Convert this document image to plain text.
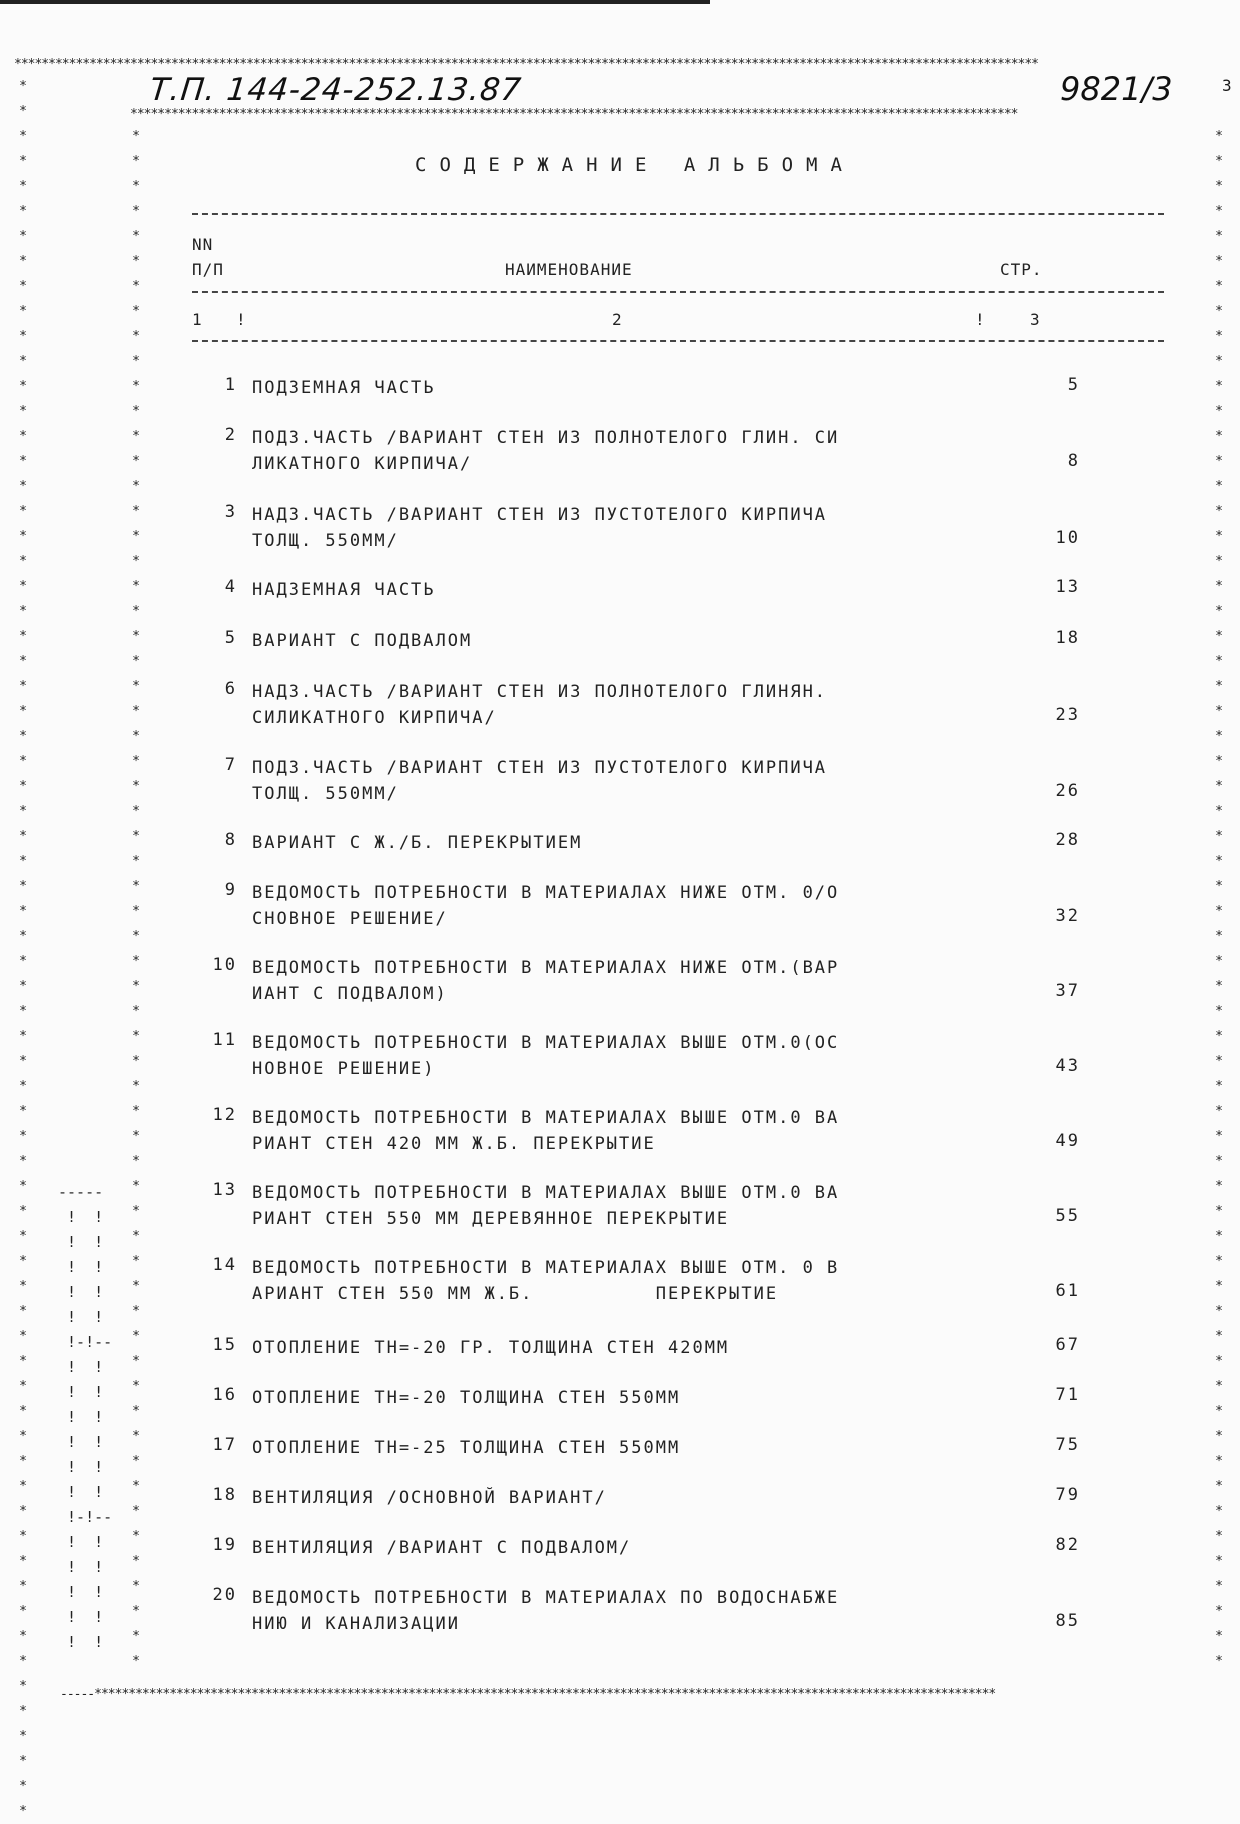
******************************************************************************************************************************************************
**********************************************************************************************************************************
-----************************************************************************************************************************************
**********************************************************************
**************************************************************
**************************************************************
Т.П. 144-24-252.13.87	9821/3	3
СОДЕРЖАНИЕ АЛЬБОМА
NN
П/П	НАИМЕНОВАНИЕ	СТР.
1 !	2	!	3
1 ПОДЗЕМНАЯ ЧАСТЬ	5
2 ПОДЗ.ЧАСТЬ /ВАРИАНТ СТЕН ИЗ ПОЛНОТЕЛОГО ГЛИН. СИ
ЛИКАТНОГО КИРПИЧА/	8
3 НАДЗ.ЧАСТЬ /ВАРИАНТ СТЕН ИЗ ПУСТОТЕЛОГО КИРПИЧА
ТОЛЩ. 550ММ/	10
4 НАДЗЕМНАЯ ЧАСТЬ	13
5 ВАРИАНТ С ПОДВАЛОМ	18
6 НАДЗ.ЧАСТЬ /ВАРИАНТ СТЕН ИЗ ПОЛНОТЕЛОГО ГЛИНЯН.
СИЛИКАТНОГО КИРПИЧА/	23
7 ПОДЗ.ЧАСТЬ /ВАРИАНТ СТЕН ИЗ ПУСТОТЕЛОГО КИРПИЧА
ТОЛЩ. 550ММ/	26
8 ВАРИАНТ С Ж./Б. ПЕРЕКРЫТИЕМ	28
9 ВЕДОМОСТЬ ПОТРЕБНОСТИ В МАТЕРИАЛАХ НИЖЕ ОТМ. 0/О
СНОВНОЕ РЕШЕНИЕ/	32
10 ВЕДОМОСТЬ ПОТРЕБНОСТИ В МАТЕРИАЛАХ НИЖЕ ОТМ.(ВАР
ИАНТ С ПОДВАЛОМ)	37
11 ВЕДОМОСТЬ ПОТРЕБНОСТИ В МАТЕРИАЛАХ ВЫШЕ ОТМ.0(ОС
НОВНОЕ РЕШЕНИЕ)	43
12 ВЕДОМОСТЬ ПОТРЕБНОСТИ В МАТЕРИАЛАХ ВЫШЕ ОТМ.0 ВА
РИАНТ СТЕН 420 ММ Ж.Б. ПЕРЕКРЫТИЕ	49
13 ВЕДОМОСТЬ ПОТРЕБНОСТИ В МАТЕРИАЛАХ ВЫШЕ ОТМ.0 ВА
РИАНТ СТЕН 550 ММ ДЕРЕВЯННОЕ ПЕРЕКРЫТИЕ	55
14 ВЕДОМОСТЬ ПОТРЕБНОСТИ В МАТЕРИАЛАХ ВЫШЕ ОТМ. 0 В
АРИАНТ СТЕН 550 ММ Ж.Б.          ПЕРЕКРЫТИЕ	61
15 ОТОПЛЕНИЕ ТН=-20 ГР. ТОЛЩИНА СТЕН 420ММ	67
16 ОТОПЛЕНИЕ ТН=-20 ТОЛЩИНА СТЕН 550ММ	71
17 ОТОПЛЕНИЕ ТН=-25 ТОЛЩИНА СТЕН 550ММ	75
18 ВЕНТИЛЯЦИЯ /ОСНОВНОЙ ВАРИАНТ/	79
19 ВЕНТИЛЯЦИЯ /ВАРИАНТ С ПОДВАЛОМ/	82
20 ВЕДОМОСТЬ ПОТРЕБНОСТИ В МАТЕРИАЛАХ ПО ВОДОСНАБЖЕ
НИЮ И КАНАЛИЗАЦИИ	85
-----
!  !
!  !
!  !
!  !
!  !
!-!--
!  !
!  !
!  !
!  !
!  !
!  !
!-!--
!  !
!  !
!  !
!  !
!  !
